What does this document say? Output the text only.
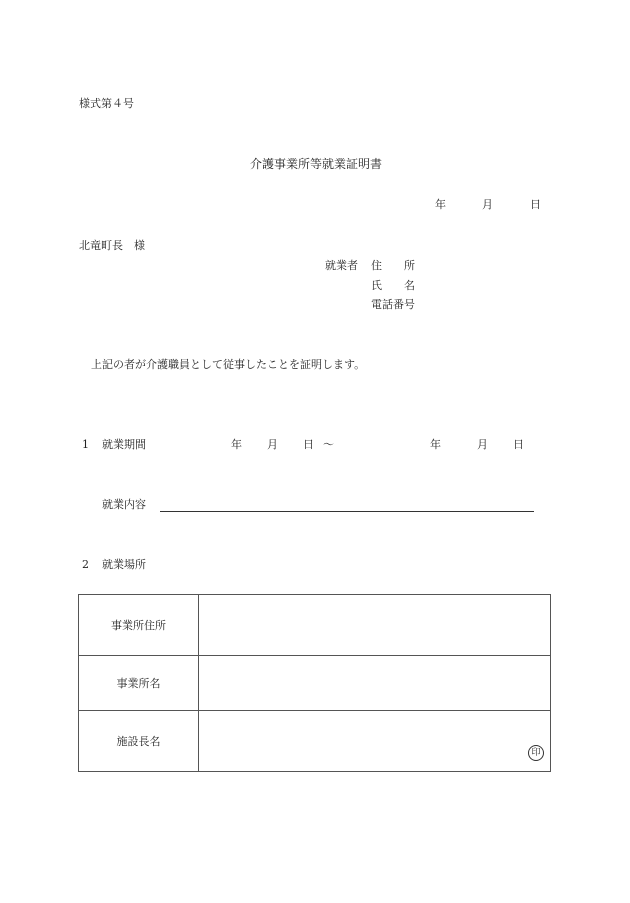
様式第４号
介護事業所等就業証明書
年	月	日
北竜町長　様
就業者 住　　所
氏　　名
電話番号
上記の者が介護職員として従事したことを証明します。
1 就業期間	年 月 日 ～	年	月 日
就業内容
2 就業場所
事業所住所	
事業所名	
施設長名	印
